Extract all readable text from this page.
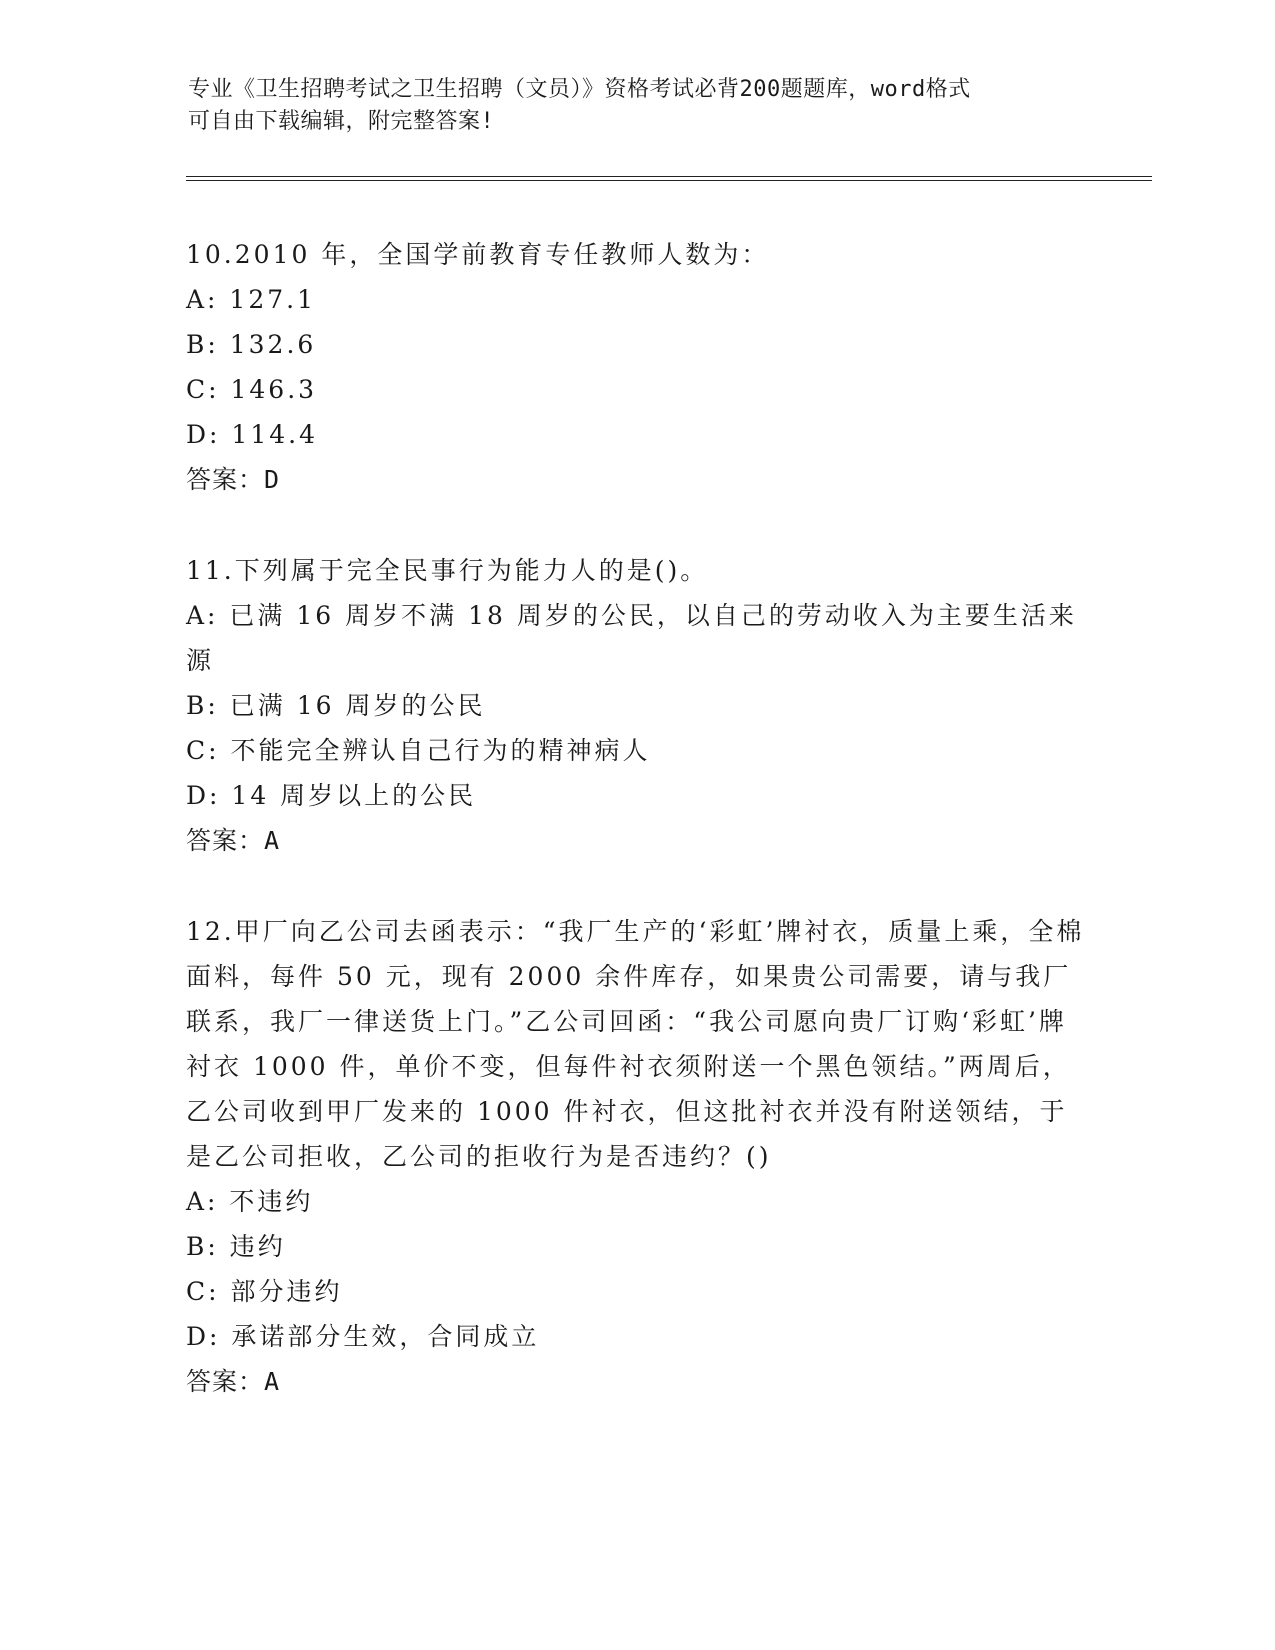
专业《卫生招聘考试之卫生招聘（文员）》资格考试必背200题题库，word格式
可自由下载编辑，附完整答案!

10.2010 年，全国学前教育专任教师人数为：

A: 127.1

B: 132.6

C: 146.3

D: 114.4

答案：D

11.下列属于完全民事行为能力人的是()。

A: 已满 16 周岁不满 18 周岁的公民，以自己的劳动收入为主要生活来源

B: 已满 16 周岁的公民

C: 不能完全辨认自己行为的精神病人

D: 14 周岁以上的公民

答案：A

12.甲厂向乙公司去函表示：“我厂生产的‘彩虹’牌衬衣，质量上乘，全棉面料，每件 50 元，现有 2000 余件库存，如果贵公司需要，请与我厂联系，我厂一律送货上门。”乙公司回函：“我公司愿向贵厂订购‘彩虹’牌衬衣 1000 件，单价不变，但每件衬衣须附送一个黑色领结。”两周后，乙公司收到甲厂发来的 1000 件衬衣，但这批衬衣并没有附送领结，于是乙公司拒收，乙公司的拒收行为是否违约？()

A: 不违约

B: 违约

C: 部分违约

D: 承诺部分生效，合同成立

答案：A
